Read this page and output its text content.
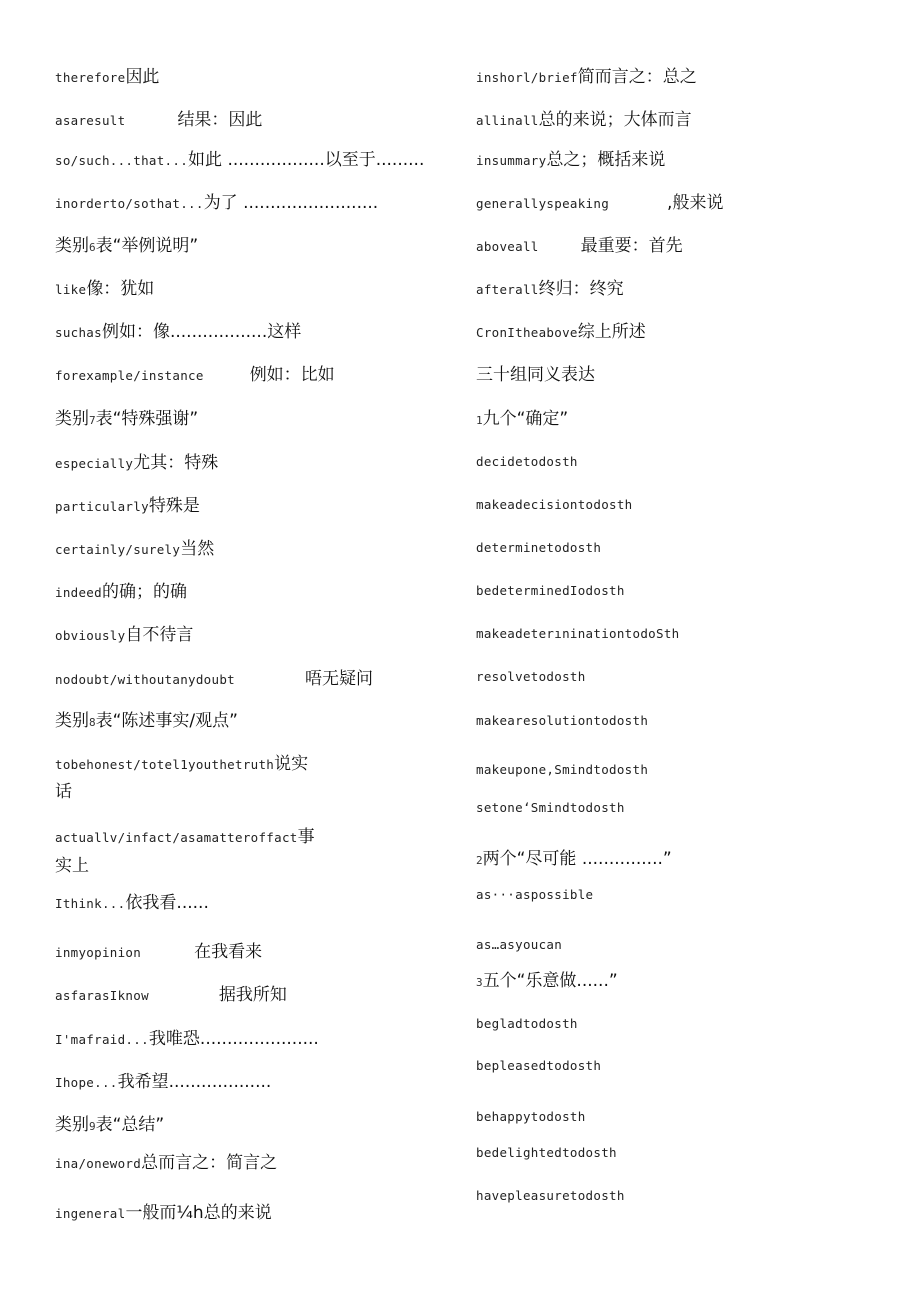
therefore因此
asaresult	结果：因此
so/such...that...如此 ..................以至于.........
inorderto/sothat...为了 .........................
类别6表“举例说明”
like像：犹如
suchas例如：像..................这样
forexample/instance	例如：比如
类别7表“特殊强谢”
especially尤其：特殊
particularly特殊是
certainly/surely当然
indeed的确；的确
obviously自不待言
nodoubt/withoutanydoubt	唔无疑问
类别8表“陈述事实/观点”
tobehonest/totel1youthetruth说实
话
actuallv/infact/asamatteroffact事
实上
Ithink...依我看......
inmyopinion	在我看来
asfarasIknow	据我所知
I'mafraid...我唯恐......................
Ihope...我希望...................
类别9表“总结”
ina/oneword总而言之：简言之
ingeneral一般而¼h总的来说
inshorl/brief简而言之：总之
allinall总的来说；大体而言
insummary总之；概括来说
generallyspeaking	,般来说
aboveall 最重要：首先
afterall终归：终究
CronItheabove综上所述
三十组同义表达
1九个“确定”
decidetodosth
makeadecisiontodosth
determinetodosth
bedeterminedIodosth
makeadeterıninationtodoSth
resolvetodosth
makearesolutiontodosth
makeupone,Smindtodosth
setoneʻSmindtodosth
2两个“尽可能 ...............”
as···aspossible
as…asyoucan
3五个“乐意做......”
begladtodosth
bepleasedtodosth
behappytodosth
bedelightedtodosth
havepleasuretodosth
